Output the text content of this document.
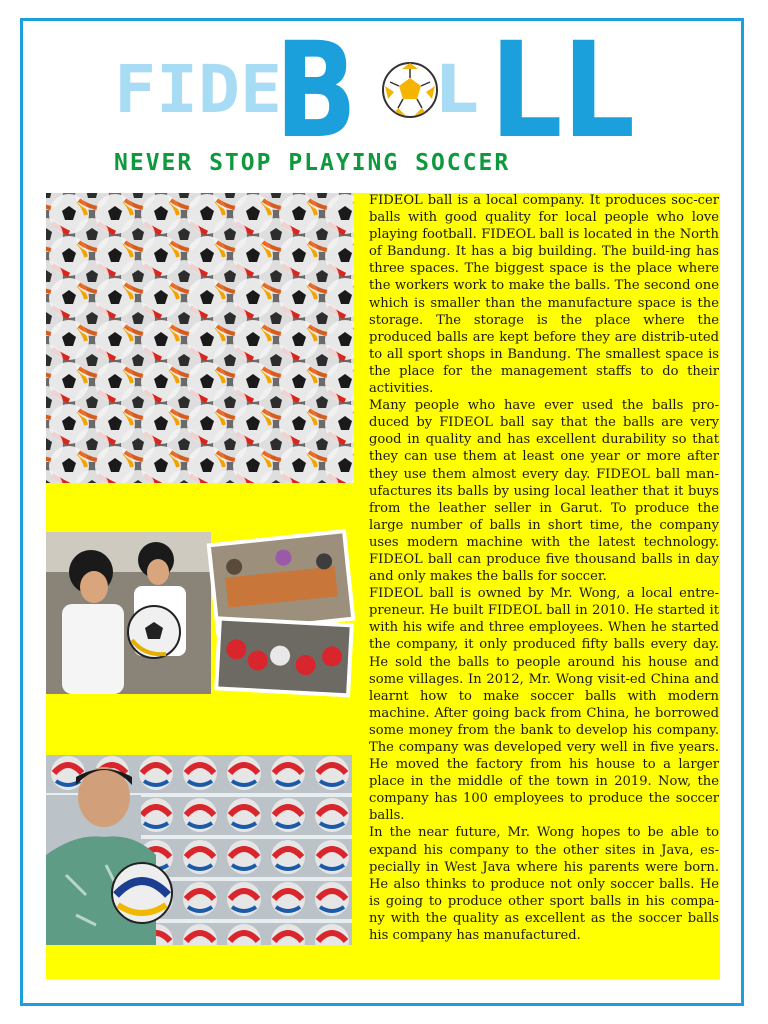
FIDE
B L LL
NEVER STOP PLAYING SOCCER

FIDEOL ball is a local company. It produces soc-cer balls with good quality for local people who love playing football. FIDEOL ball is located in the North of Bandung. It has a big building. The build-ing has three spaces. The biggest space is the place where the workers work to make the balls. The second one which is smaller than the manufacture space is the storage. The storage is the place where the produced balls are kept before they are distrib-uted to all sport shops in Bandung. The smallest space is the place for the management staffs to do their activities.

Many people who have ever used the balls pro-duced by FIDEOL ball say that the balls are very good in quality and has excellent durability so that they can use them at least one year or more after they use them almost every day. FIDEOL ball man-ufactures its balls by using local leather that it buys from the leather seller in Garut. To produce the large number of balls in short time, the company uses modern machine with the latest technology. FIDEOL ball can produce five thousand balls in day and only makes the balls for soccer.

FIDEOL ball is owned by Mr. Wong, a local entre-preneur. He built FIDEOL ball in 2010. He started it with his wife and three employees. When he started the company, it only produced fifty balls every day. He sold the balls to people around his house and some villages. In 2012, Mr. Wong visit-ed China and learnt how to make soccer balls with modern machine. After going back from China, he borrowed some money from the bank to develop his company. The company was developed very well in five years. He moved the factory from his house to a larger place in the middle of the town in 2019. Now, the company has 100 employees to produce the soccer balls.

In the near future, Mr. Wong hopes to be able to expand his company to the other sites in Java, es-pecially in West Java where his parents were born. He also thinks to produce not only soccer balls. He is going to produce other sport balls in his compa-ny with the quality as excellent as the soccer balls his company has manufactured.
